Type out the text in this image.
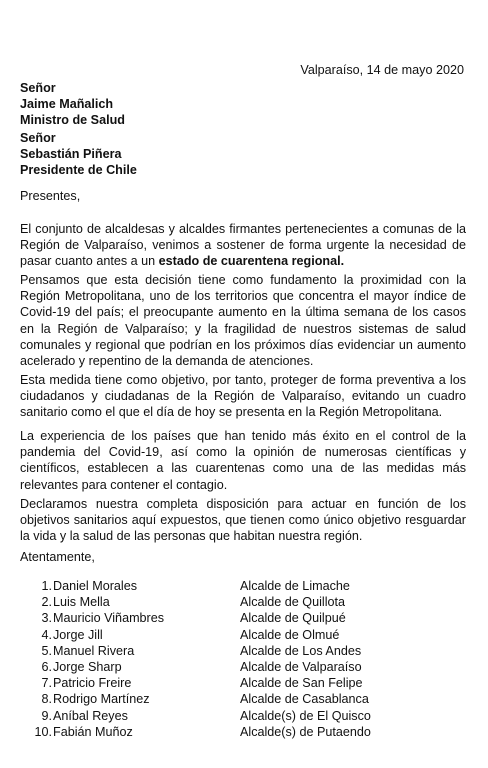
Valparaíso, 14 de mayo 2020
Señor
Jaime Mañalich
Ministro de Salud
Señor
Sebastián Piñera
Presidente de Chile
Presentes,

El conjunto de alcaldesas y alcaldes firmantes pertenecientes a comunas de la Región de Valparaíso, venimos a sostener de forma urgente la necesidad de pasar cuanto antes a un estado de cuarentena regional.

Pensamos que esta decisión tiene como fundamento la proximidad con la Región Metropolitana, uno de los territorios que concentra el mayor índice de Covid-19 del país; el preocupante aumento en la última semana de los casos en la Región de Valparaíso; y la fragilidad de nuestros sistemas de salud comunales y regional que podrían en los próximos días evidenciar un aumento acelerado y repentino de la demanda de atenciones.

Esta medida tiene como objetivo, por tanto, proteger de forma preventiva a los ciudadanos y ciudadanas de la Región de Valparaíso, evitando un cuadro sanitario como el que el día de hoy se presenta en la Región Metropolitana.

La experiencia de los países que han tenido más éxito en el control de la pandemia del Covid-19, así como la opinión de numerosas científicas y científicos, establecen a las cuarentenas como una de las medidas más relevantes para contener el contagio.

Declaramos nuestra completa disposición para actuar en función de los objetivos sanitarios aquí expuestos, que tienen como único objetivo resguardar la vida y la salud de las personas que habitan nuestra región.

Atentamente,
1. Daniel Morales	Alcalde de Limache
2. Luis Mella	Alcalde de Quillota
3. Mauricio Viñambres	Alcalde de Quilpué
4. Jorge Jill	Alcalde de Olmué
5. Manuel Rivera	Alcalde de Los Andes
6. Jorge Sharp	Alcalde de Valparaíso
7. Patricio Freire	Alcalde de San Felipe
8. Rodrigo Martínez	Alcalde de Casablanca
9. Aníbal Reyes	Alcalde(s) de El Quisco
10. Fabián Muñoz	Alcalde(s) de Putaendo
